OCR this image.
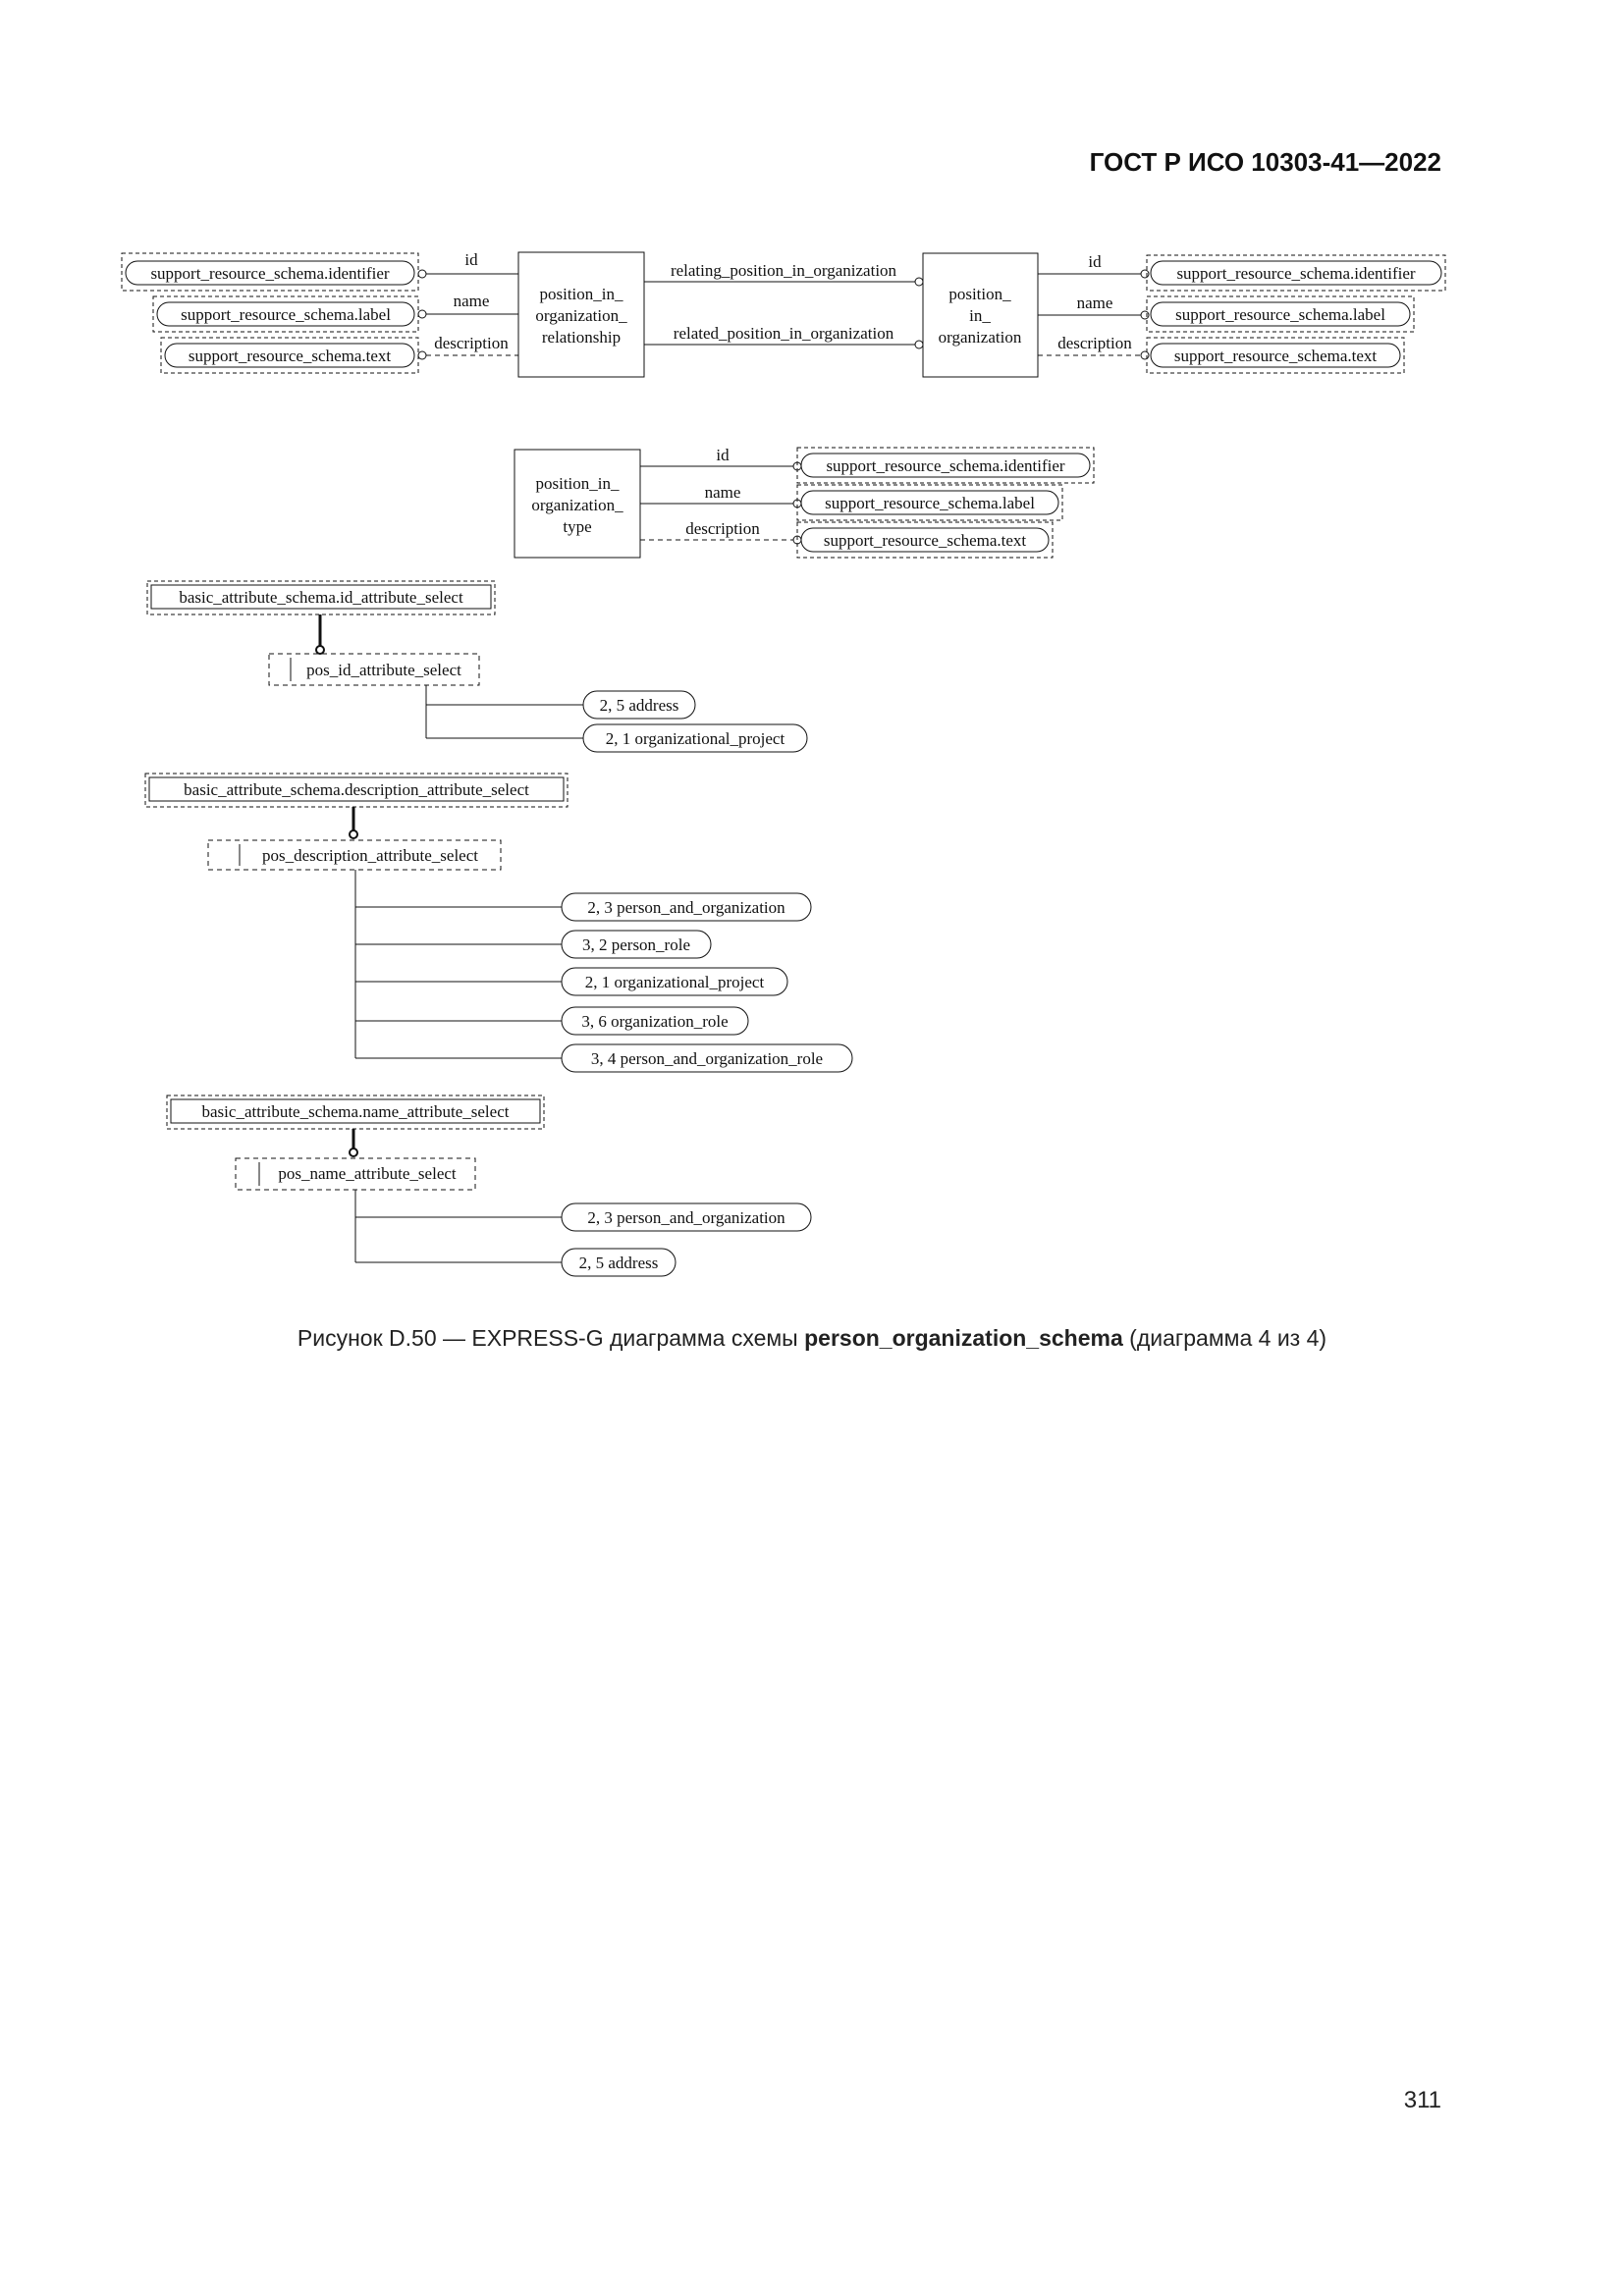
ГОСТ Р ИСО 10303-41—2022
support_resource_schema.identifier
support_resource_schema.label
support_resource_schema.text
id
name
description
position_in_
organization_
relationship
relating_position_in_organization
related_position_in_organization
position_
in_
organization
id
name
description
support_resource_schema.identifier
support_resource_schema.label
support_resource_schema.text
position_in_
organization_
type
id
name
description
support_resource_schema.identifier
support_resource_schema.label
support_resource_schema.text
basic_attribute_schema.id_attribute_select
pos_id_attribute_select
2, 5 address
2, 1 organizational_project
basic_attribute_schema.description_attribute_select
pos_description_attribute_select
2, 3 person_and_organization
3, 2 person_role
2, 1 organizational_project
3, 6 organization_role
3, 4 person_and_organization_role
basic_attribute_schema.name_attribute_select
pos_name_attribute_select
2, 3 person_and_organization
2, 5 address
Рисунок D.50 — EXPRESS-G диаграмма схемы person_organization_schema (диаграмма 4 из 4)
311
